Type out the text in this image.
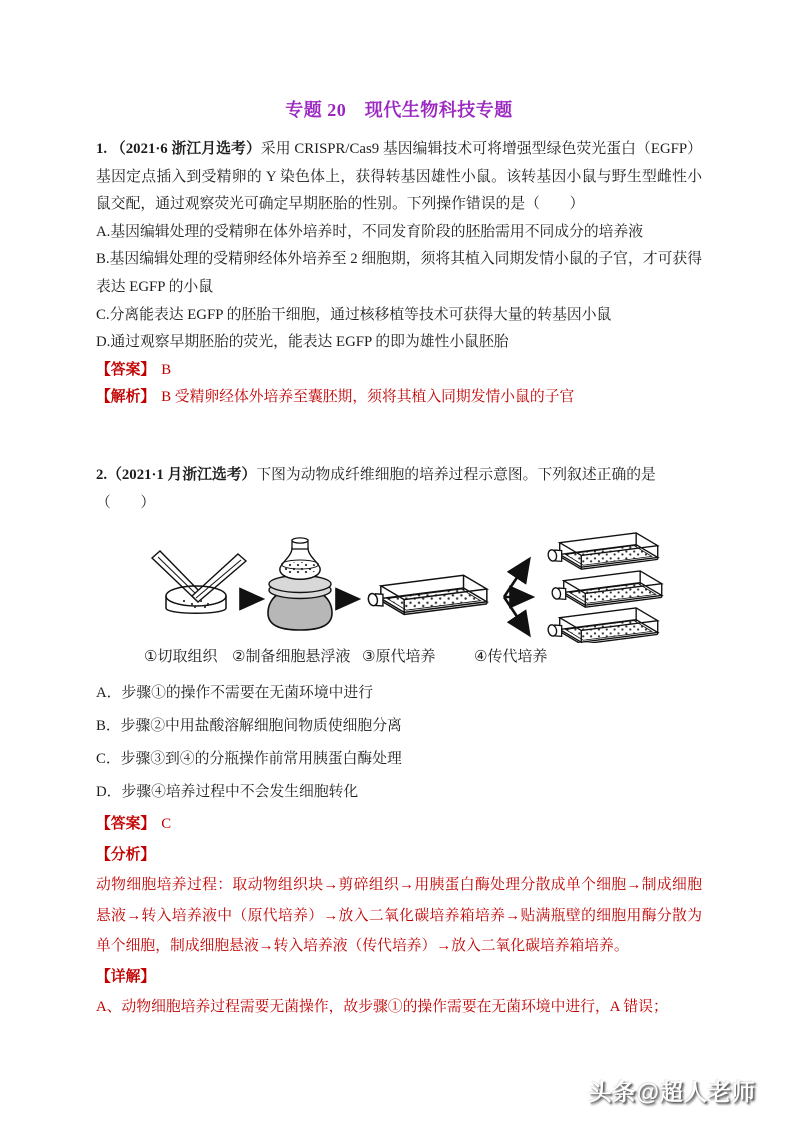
专题 20　现代生物科技专题

1. （2021·6 浙江月选考）采用 CRISPR/Cas9 基因编辑技术可将增强型绿色荧光蛋白（EGFP）基因定点插入到受精卵的 Y 染色体上，获得转基因雄性小鼠。该转基因小鼠与野生型雌性小鼠交配，通过观察荧光可确定早期胚胎的性别。下列操作错误的是（　　）

A.基因编辑处理的受精卵在体外培养时，不同发育阶段的胚胎需用不同成分的培养液

B.基因编辑处理的受精卵经体外培养至 2 细胞期，须将其植入同期发情小鼠的子官，才可获得表达 EGFP 的小鼠

C.分离能表达 EGFP 的胚胎干细胞，通过核移植等技术可获得大量的转基因小鼠

D.通过观察早期胚胎的荧光，能表达 EGFP 的即为雄性小鼠胚胎

【答案】 B

【解析】 B 受精卵经体外培养至囊胚期，须将其植入同期发情小鼠的子官

2.（2021·1 月浙江选考）下图为动物成纤维细胞的培养过程示意图。下列叙述正确的是

（　　）

①切取组织 ②制备细胞悬浮液 ③原代培养	④传代培养

A．步骤①的操作不需要在无菌环境中进行

B．步骤②中用盐酸溶解细胞间物质使细胞分离

C．步骤③到④的分瓶操作前常用胰蛋白酶处理

D．步骤④培养过程中不会发生细胞转化

【答案】 C

【分析】

动物细胞培养过程：取动物组织块→剪碎组织→用胰蛋白酶处理分散成单个细胞→制成细胞悬液→转入培养液中（原代培养）→放入二氧化碳培养箱培养→贴满瓶壁的细胞用酶分散为单个细胞，制成细胞悬液→转入培养液（传代培养）→放入二氧化碳培养箱培养。

【详解】

A、动物细胞培养过程需要无菌操作，故步骤①的操作需要在无菌环境中进行，A 错误；

头条@超人老师
